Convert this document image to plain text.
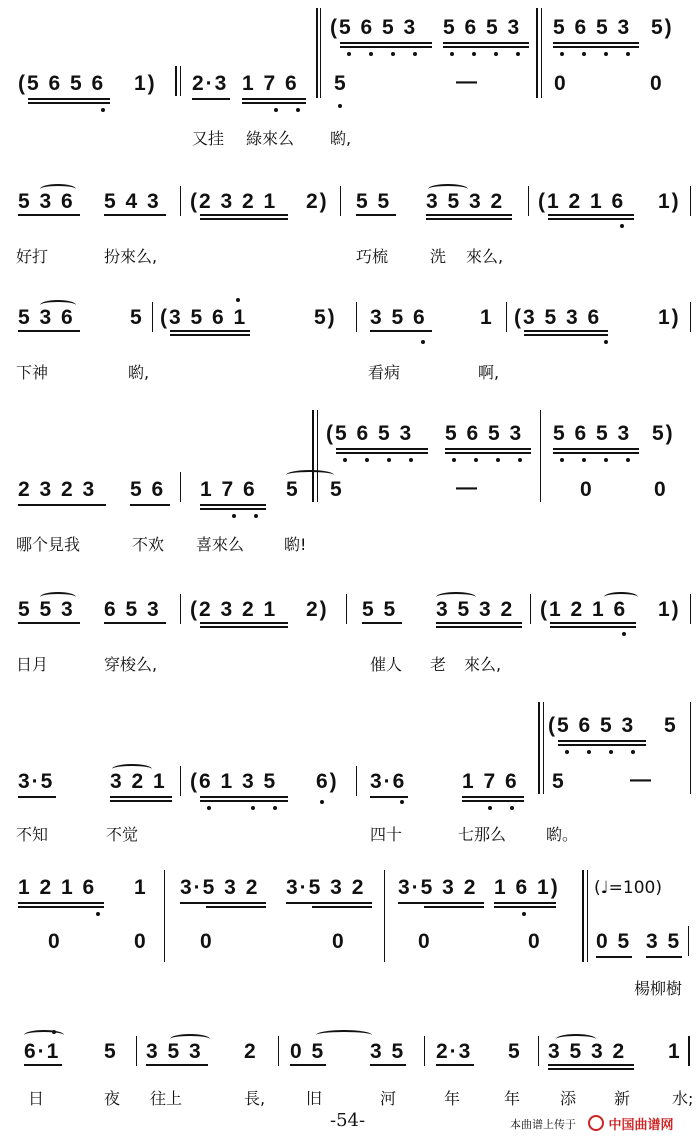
(5 6 5 3 5 6 5 3 5 6 5 3 5)
(5 6 5 6 1) 2·3 1 7 6 5	—	0	0
又挂 綠來么 喲,
5 3 6 5 4 3 (2 3 2 1 2) 5 5 3 5 3 2 (1 2 1 6 1)
好打	扮來么,	巧梳	洗 來么,
5 3 6	5 (3 5 6 1	5) 3 5 6	1 (3 5 3 6	1)
下神	喲,	看病	啊,
(5 6 5 3 5 6 5 3 5 6 5 3 5)
2 3 2 3 5 6 1 7 6 5 5	—	0	0
哪个見我	不欢 喜來么 喲!
5 5 3 6 5 3 (2 3 2 1 2) 5 5 3 5 3 2 (1 2 1 6 1)
日月	穿梭么,	催人 老 來么,
(5 6 5 3 5
3·5	3 2 1 (6 1 3 5 6) 3·6	1 7 6 5	—
不知	不觉	四十	七那么 喲。
1 2 1 6 1 3·5 3 2 3·5 3 2 3·5 3 2 1 6 1) (♩=100)
0	0 0	0	0	0	0 5 3 5
楊柳樹
6·1 5 3 5 3 2 0 5 3 5 2·3 5 3 5 3 2 1
日	夜 往上	長,	旧	河	年	年 添 新	水;
-54-	本曲谱上传于	中国曲谱网
